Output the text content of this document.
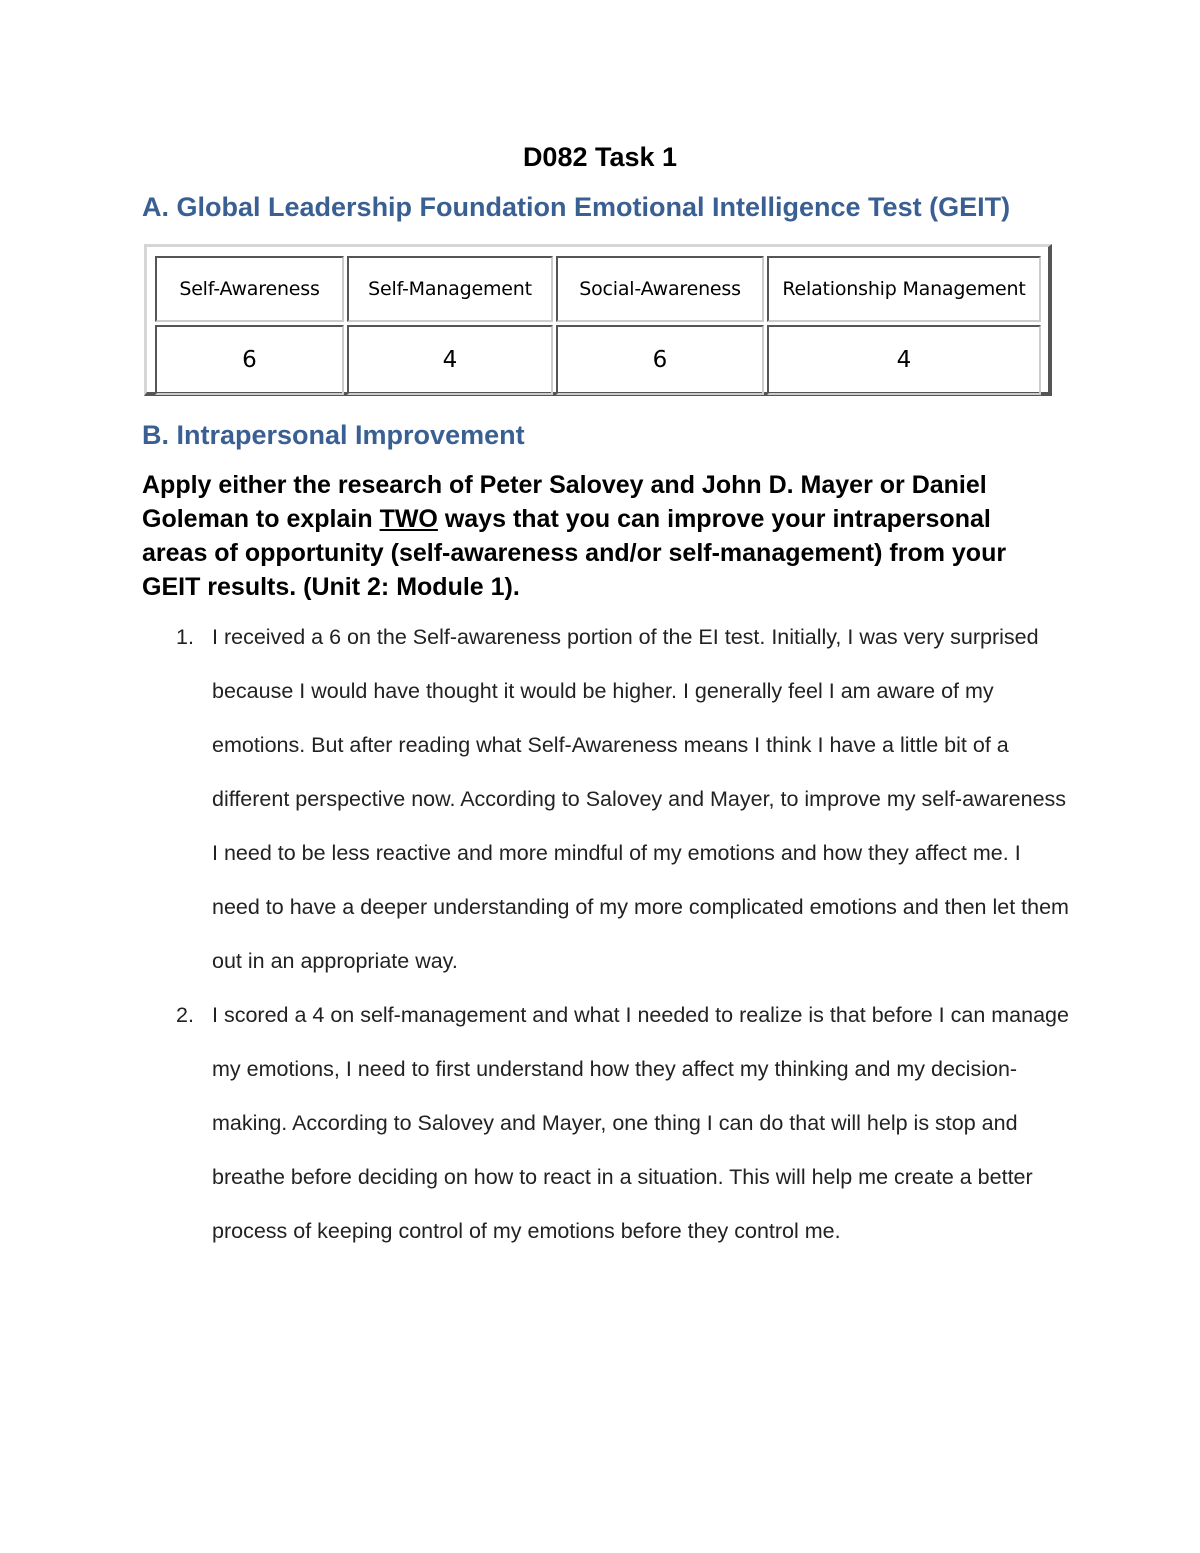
D082 Task 1
A. Global Leadership Foundation Emotional Intelligence Test (GEIT)
Self-Awareness	Self-Management	Social-Awareness	Relationship Management
6	4	6	4
B. Intrapersonal Improvement
Apply either the research of Peter Salovey and John D. Mayer or Daniel Goleman to explain TWO ways that you can improve your intrapersonal areas of opportunity (self-awareness and/or self-management) from your GEIT results. (Unit 2: Module 1).
1. I received a 6 on the Self-awareness portion of the EI test. Initially, I was very surprised because I would have thought it would be higher. I generally feel I am aware of my emotions. But after reading what Self-Awareness means I think I have a little bit of a different perspective now. According to Salovey and Mayer, to improve my self-awareness I need to be less reactive and more mindful of my emotions and how they affect me. I need to have a deeper understanding of my more complicated emotions and then let them out in an appropriate way.
2. I scored a 4 on self-management and what I needed to realize is that before I can manage my emotions, I need to first understand how they affect my thinking and my decision-making. According to Salovey and Mayer, one thing I can do that will help is stop and breathe before deciding on how to react in a situation. This will help me create a better process of keeping control of my emotions before they control me.
